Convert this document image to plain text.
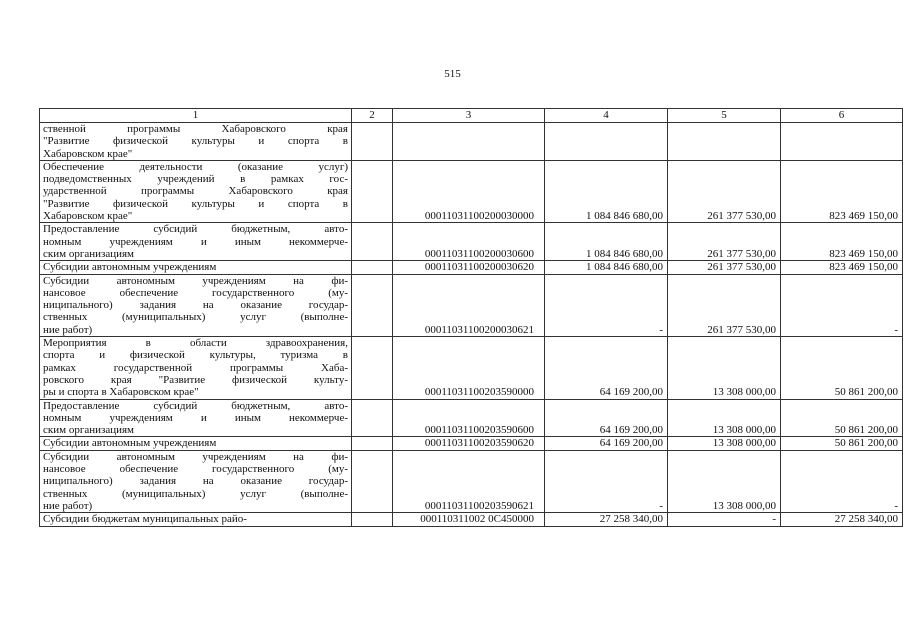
515
1	2	3	4	5	6

ственной программы Хабаровского края
"Развитие физической культуры и спорта в
Хабаровском крае"					

Обеспечение деятельности (оказание услуг)
подведомственных учреждений в рамках гос-
ударственной программы Хабаровского края
"Развитие физической культуры и спорта в
Хабаровском крае"		00011031100200030000	1 084 846 680,00	261 377 530,00	823 469 150,00

Предоставление субсидий бюджетным, авто-
номным учреждениям и иным некоммерче-
ским организациям		00011031100200030600	1 084 846 680,00	261 377 530,00	823 469 150,00

Субсидии автономным учреждениям		00011031100200030620	1 084 846 680,00	261 377 530,00	823 469 150,00

Субсидии автономным учреждениям на фи-
нансовое обеспечение государственного (му-
ниципального) задания на оказание государ-
ственных (муниципальных) услуг (выполне-
ние работ)		00011031100200030621	-	261 377 530,00	-

Мероприятия в области здравоохранения,
спорта и физической культуры, туризма в
рамках государственной программы Хаба-
ровского края "Развитие физической культу-
ры и спорта в Хабаровском крае"		00011031100203590000	64 169 200,00	13 308 000,00	50 861 200,00

Предоставление субсидий бюджетным, авто-
номным учреждениям и иным некоммерче-
ским организациям		00011031100203590600	64 169 200,00	13 308 000,00	50 861 200,00

Субсидии автономным учреждениям		00011031100203590620	64 169 200,00	13 308 000,00	50 861 200,00

Субсидии автономным учреждениям на фи-
нансовое обеспечение государственного (му-
ниципального) задания на оказание государ-
ственных (муниципальных) услуг (выполне-
ние работ)		00011031100203590621	-	13 308 000,00	-

Субсидии бюджетам муниципальных райо-		000110311002 0С450000	27 258 340,00	-	27 258 340,00
